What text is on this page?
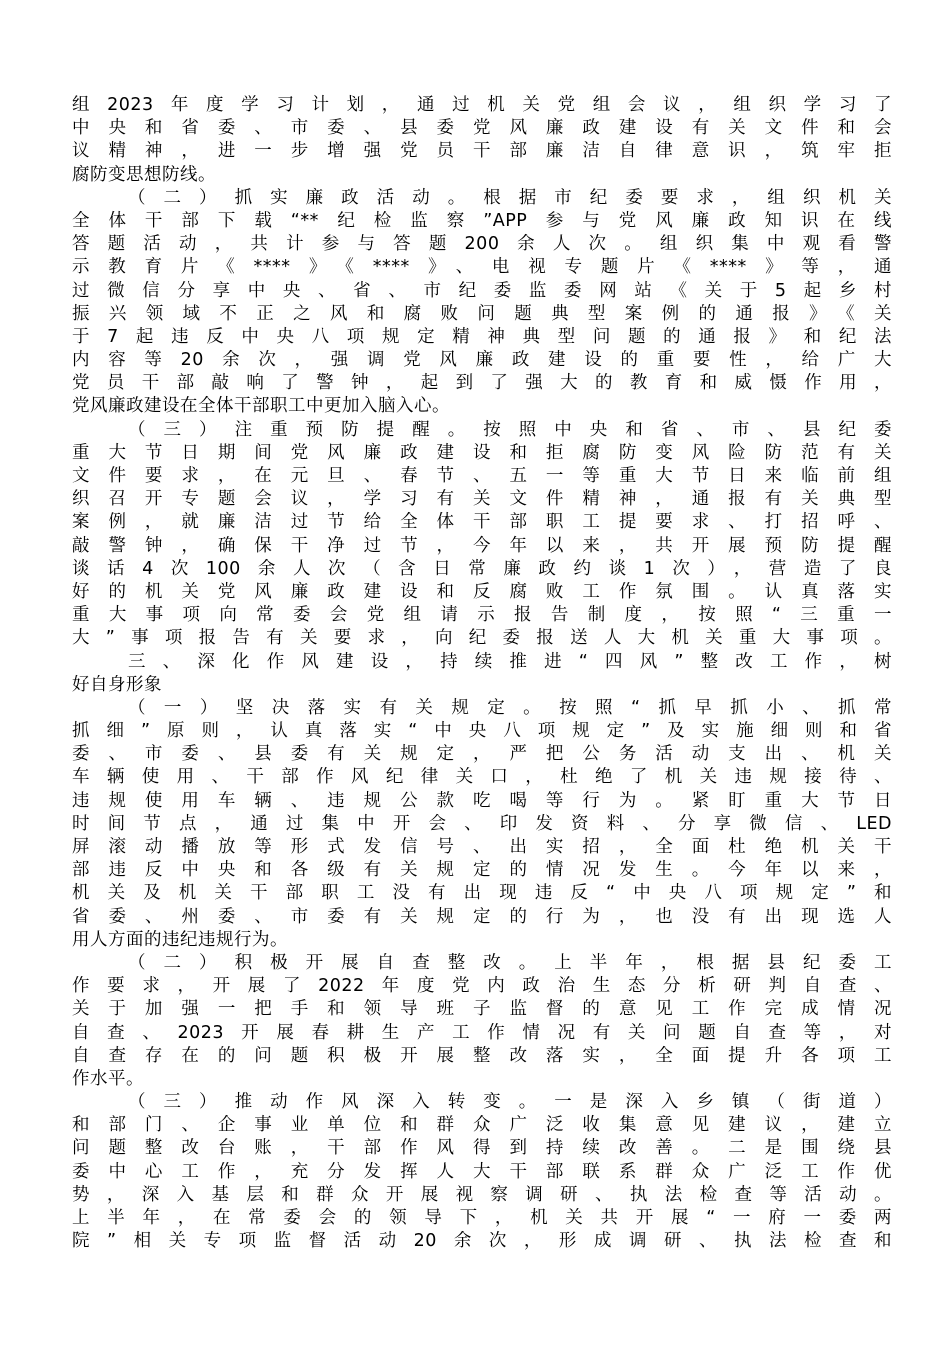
组2023年度学习计划，通过机关党组会议，组织学习了
中央和省委、市委、县委党风廉政建设有关文件和会
议精神，进一步增强党员干部廉洁自律意识，筑牢拒
腐防变思想防线。
（二）抓实廉政活动。根据市纪委要求，组织机关
全体干部下载“**纪检监察”APP参与党风廉政知识在线
答题活动，共计参与答题200余人次。组织集中观看警
示教育片《****》《****》、电视专题片《****》等，通
过微信分享中央、省、市纪委监委网站《关于5起乡村
振兴领域不正之风和腐败问题典型案例的通报》《关
于7起违反中央八项规定精神典型问题的通报》和纪法
内容等20余次，强调党风廉政建设的重要性，给广大
党员干部敲响了警钟，起到了强大的教育和威慑作用，
党风廉政建设在全体干部职工中更加入脑入心。
（三）注重预防提醒。按照中央和省、市、县纪委
重大节日期间党风廉政建设和拒腐防变风险防范有关
文件要求，在元旦、春节、五一等重大节日来临前组
织召开专题会议，学习有关文件精神，通报有关典型
案例，就廉洁过节给全体干部职工提要求、打招呼、
敲警钟，确保干净过节，今年以来，共开展预防提醒
谈话4次100余人次（含日常廉政约谈1次），营造了良
好的机关党风廉政建设和反腐败工作氛围。认真落实
重大事项向常委会党组请示报告制度，按照“三重一
大”事项报告有关要求，向纪委报送人大机关重大事项。
三、深化作风建设，持续推进“四风”整改工作，树
好自身形象
（一）坚决落实有关规定。按照“抓早抓小、抓常
抓细”原则，认真落实“中央八项规定”及实施细则和省
委、市委、县委有关规定，严把公务活动支出、机关
车辆使用、干部作风纪律关口，杜绝了机关违规接待、
违规使用车辆、违规公款吃喝等行为。紧盯重大节日
时间节点，通过集中开会、印发资料、分享微信、LED
屏滚动播放等形式发信号、出实招，全面杜绝机关干
部违反中央和各级有关规定的情况发生。今年以来，
机关及机关干部职工没有出现违反“中央八项规定”和
省委、州委、市委有关规定的行为，也没有出现选人
用人方面的违纪违规行为。
（二）积极开展自查整改。上半年，根据县纪委工
作要求，开展了2022年度党内政治生态分析研判自查、
关于加强一把手和领导班子监督的意见工作完成情况
自查、2023开展春耕生产工作情况有关问题自查等，对
自查存在的问题积极开展整改落实，全面提升各项工
作水平。
（三）推动作风深入转变。一是深入乡镇（街道）
和部门、企事业单位和群众广泛收集意见建议，建立
问题整改台账，干部作风得到持续改善。二是围绕县
委中心工作，充分发挥人大干部联系群众广泛工作优
势，深入基层和群众开展视察调研、执法检查等活动。
上半年，在常委会的领导下，机关共开展“一府一委两
院”相关专项监督活动20余次，形成调研、执法检查和
